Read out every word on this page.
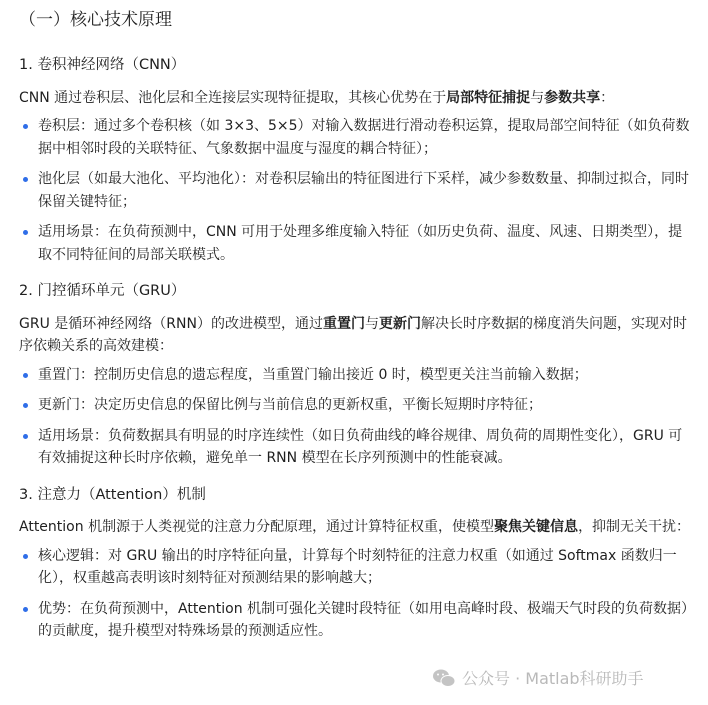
（一）核心技术原理
1. 卷积神经网络（CNN）

CNN 通过卷积层、池化层和全连接层实现特征提取，其核心优势在于局部特征捕捉与参数共享：

卷积层：通过多个卷积核（如 3×3、5×5）对输入数据进行滑动卷积运算，提取局部空间特征（如负荷数据中相邻时段的关联特征、气象数据中温度与湿度的耦合特征）；
池化层（如最大池化、平均池化）：对卷积层输出的特征图进行下采样，减少参数数量、抑制过拟合，同时保留关键特征；
适用场景：在负荷预测中，CNN 可用于处理多维度输入特征（如历史负荷、温度、风速、日期类型），提取不同特征间的局部关联模式。
2. 门控循环单元（GRU）

GRU 是循环神经网络（RNN）的改进模型，通过重置门与更新门解决长时序数据的梯度消失问题，实现对时序依赖关系的高效建模：

重置门：控制历史信息的遗忘程度，当重置门输出接近 0 时，模型更关注当前输入数据；
更新门：决定历史信息的保留比例与当前信息的更新权重，平衡长短期时序特征；
适用场景：负荷数据具有明显的时序连续性（如日负荷曲线的峰谷规律、周负荷的周期性变化），GRU 可有效捕捉这种长时序依赖，避免单一 RNN 模型在长序列预测中的性能衰减。
3. 注意力（Attention）机制

Attention 机制源于人类视觉的注意力分配原理，通过计算特征权重，使模型聚焦关键信息，抑制无关干扰：

核心逻辑：对 GRU 输出的时序特征向量，计算每个时刻特征的注意力权重（如通过 Softmax 函数归一化），权重越高表明该时刻特征对预测结果的影响越大；
优势：在负荷预测中，Attention 机制可强化关键时段特征（如用电高峰时段、极端天气时段的负荷数据）的贡献度，提升模型对特殊场景的预测适应性。
公众号 · Matlab科研助手
